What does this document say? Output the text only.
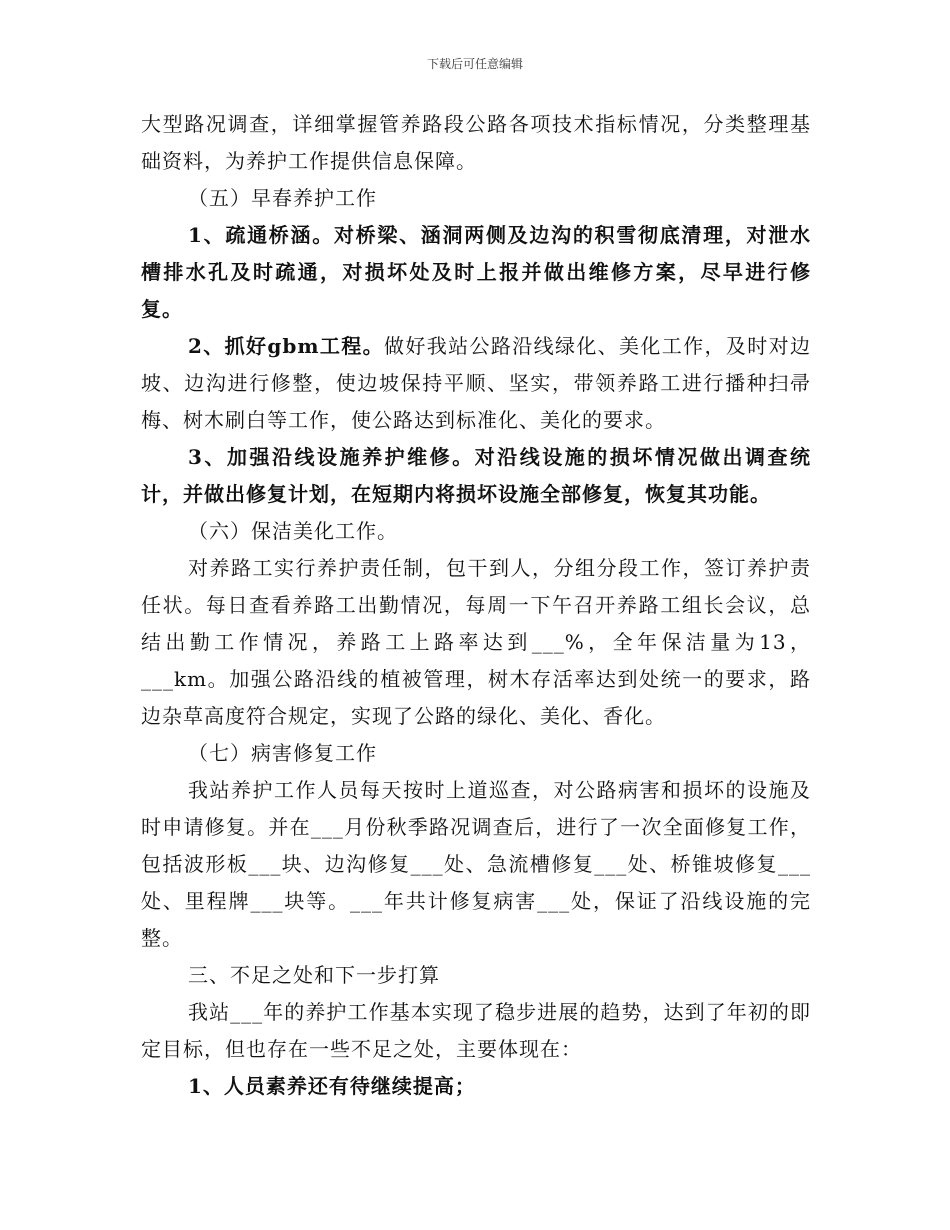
下载后可任意编辑

大型路况调查，详细掌握管养路段公路各项技术指标情况，分类整理基础资料，为养护工作提供信息保障。

（五）早春养护工作

1、疏通桥涵。对桥梁、涵洞两侧及边沟的积雪彻底清理，对泄水槽排水孔及时疏通，对损坏处及时上报并做出维修方案，尽早进行修复。

2、抓好gbm工程。做好我站公路沿线绿化、美化工作，及时对边坡、边沟进行修整，使边坡保持平顺、坚实，带领养路工进行播种扫帚梅、树木刷白等工作，使公路达到标准化、美化的要求。

3、加强沿线设施养护维修。对沿线设施的损坏情况做出调查统计，并做出修复计划，在短期内将损坏设施全部修复，恢复其功能。

（六）保洁美化工作。

对养路工实行养护责任制，包干到人，分组分段工作，签订养护责任状。每日查看养路工出勤情况，每周一下午召开养路工组长会议，总结出勤工作情况，养路工上路率达到___%，全年保洁量为13，___km。加强公路沿线的植被管理，树木存活率达到处统一的要求，路边杂草高度符合规定，实现了公路的绿化、美化、香化。

（七）病害修复工作

我站养护工作人员每天按时上道巡查，对公路病害和损坏的设施及时申请修复。并在___月份秋季路况调查后，进行了一次全面修复工作，包括波形板___块、边沟修复___处、急流槽修复___处、桥锥坡修复___处、里程牌___块等。___年共计修复病害___处，保证了沿线设施的完整。

三、不足之处和下一步打算

我站___年的养护工作基本实现了稳步进展的趋势，达到了年初的即定目标，但也存在一些不足之处，主要体现在：

1、人员素养还有待继续提高；
